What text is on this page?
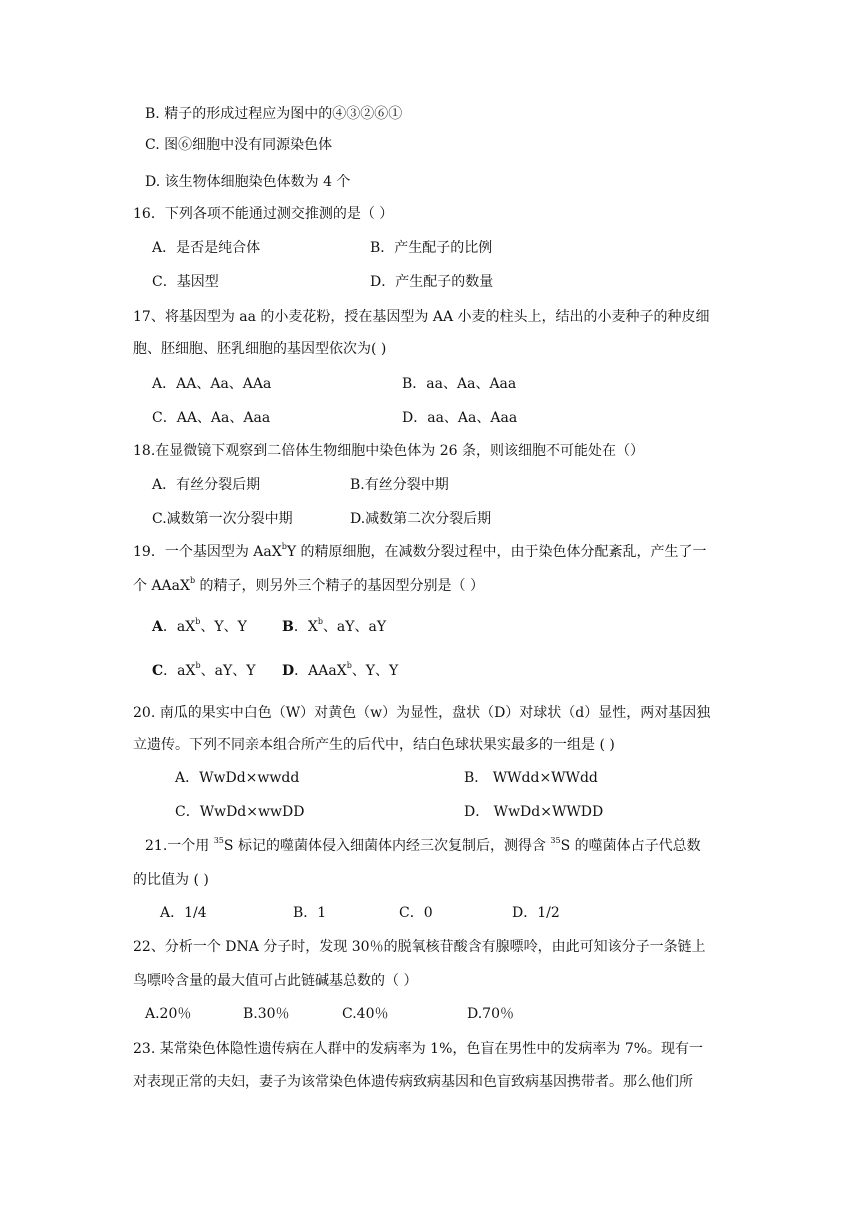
B. 精子的形成过程应为图中的④③②⑥①
C. 图⑥细胞中没有同源染色体
D. 该生物体细胞染色体数为 4 个
16．下列各项不能通过测交推测的是（ ）
A．是否是纯合体	B．产生配子的比例
C．基因型	D．产生配子的数量
17、将基因型为 aa 的小麦花粉，授在基因型为 AA 小麦的柱头上，结出的小麦种子的种皮细
胞、胚细胞、胚乳细胞的基因型依次为( )
A．AA、Aa、AAa	B．aa、Aa、Aaa
C．AA、Aa、Aaa	D．aa、Aa、Aaa
18.在显微镜下观察到二倍体生物细胞中染色体为 26 条，则该细胞不可能处在（）
A．有丝分裂后期	B.有丝分裂中期
C.减数第一次分裂中期	D.减数第二次分裂后期
19．一个基因型为 AaX$^b$Y 的精原细胞，在减数分裂过程中，由于染色体分配紊乱，产生了一
个 AAaX$^b$ 的精子，则另外三个精子的基因型分别是（ ）
A．$aX^b$、Y、Y	B．$X^b$、aY、aY
C．$aX^b$、aY、Y D．AAaX$^b$、Y、Y
20. 南瓜的果实中白色（W）对黄色（w）为显性，盘状（D）对球状（d）显性，两对基因独
立遗传。下列不同亲本组合所产生的后代中，结白色球状果实最多的一组是 ( )
A．WwDd×wwdd	B． WWdd×WWdd
C．WwDd×wwDD	D． WwDd×WWDD
21.一个用 $^{35}$S 标记的噬菌体侵入细菌体内经三次复制后，测得含 $^{35}$S 的噬菌体占子代总数
的比值为 ( )
A．1/4	B．1	C．0	D．1/2
22、分析一个 DNA 分子时，发现 30％的脱氧核苷酸含有腺嘌呤，由此可知该分子一条链上
鸟嘌呤含量的最大值可占此链碱基总数的（ ）
A.20％	B.30％	C.40％	D.70％
23. 某常染色体隐性遗传病在人群中的发病率为 1%，色盲在男性中的发病率为 7%。现有一
对表现正常的夫妇，妻子为该常染色体遗传病致病基因和色盲致病基因携带者。那么他们所
